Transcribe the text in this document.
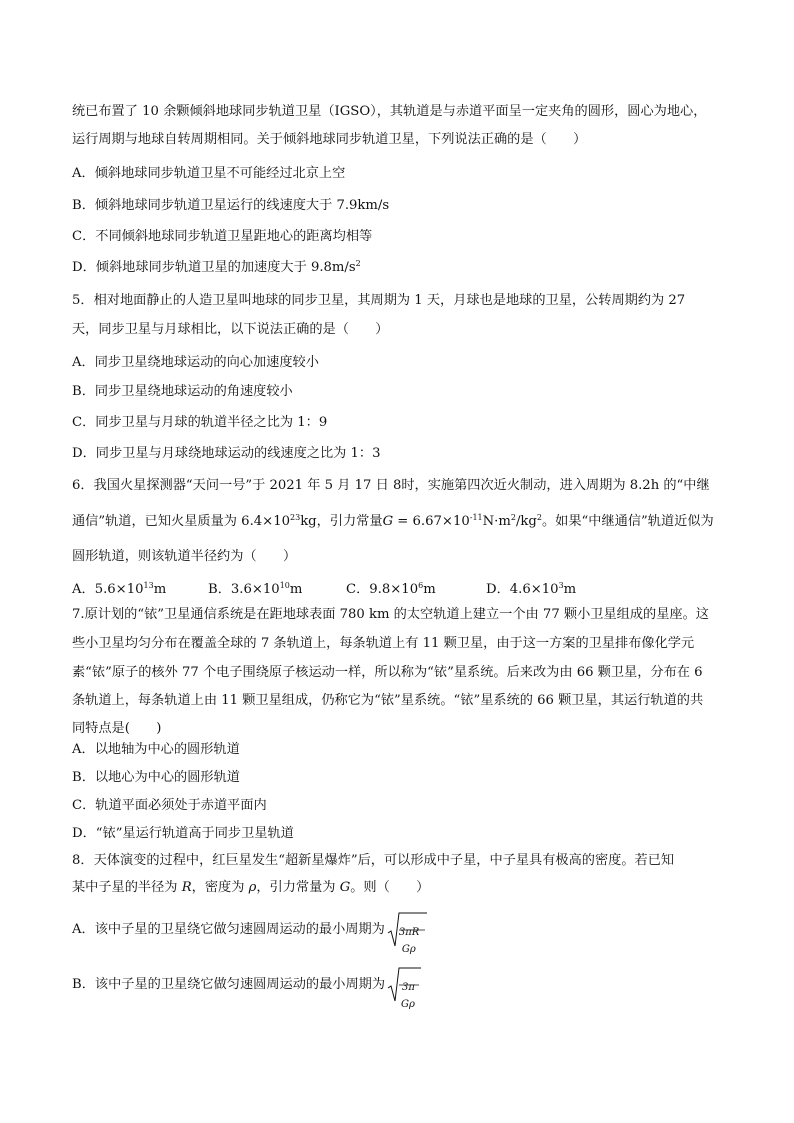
统已布置了 10 余颗倾斜地球同步轨道卫星（IGSO），其轨道是与赤道平面呈一定夹角的圆形，圆心为地心，
运行周期与地球自转周期相同。关于倾斜地球同步轨道卫星，下列说法正确的是（　　）
A．倾斜地球同步轨道卫星不可能经过北京上空
B．倾斜地球同步轨道卫星运行的线速度大于 7.9km/s
C．不同倾斜地球同步轨道卫星距地心的距离均相等
D．倾斜地球同步轨道卫星的加速度大于 $9.8m/s^2$
5．相对地面静止的人造卫星叫地球的同步卫星，其周期为 1 天，月球也是地球的卫星，公转周期约为 27
天，同步卫星与月球相比，以下说法正确的是（　　）
A．同步卫星绕地球运动的向心加速度较小
B．同步卫星绕地球运动的角速度较小
C．同步卫星与月球的轨道半径之比为 1：9
D．同步卫星与月球绕地球运动的线速度之比为 1：3
6．我国火星探测器“天问一号”于 2021 年 5 月 17 日 8时，实施第四次近火制动，进入周期为 8.2h 的“中继
通信”轨道，已知火星质量为 $6.4\times 10^{23}kg$，引力常量$G = 6.67\times 10^{-11}N\cdot m^2/kg^2$。如果“中继通信”轨道近似为
圆形轨道，则该轨道半径约为（　　）
A．$5.6\times 10^{13}m$	B．$3.6\times 10^{10}m$	C．$9.8\times 10^6m$	D．$4.6\times 10^3m$
7.原计划的“铱”卫星通信系统是在距地球表面 780 km 的太空轨道上建立一个由 77 颗小卫星组成的星座。这
些小卫星均匀分布在覆盖全球的 7 条轨道上，每条轨道上有 11 颗卫星，由于这一方案的卫星排布像化学元
素“铱”原子的核外 77 个电子围绕原子核运动一样，所以称为“铱”星系统。后来改为由 66 颗卫星，分布在 6
条轨道上，每条轨道上由 11 颗卫星组成，仍称它为“铱”星系统。“铱”星系统的 66 颗卫星，其运行轨道的共
同特点是(　　)
A．以地轴为中心的圆形轨道
B．以地心为中心的圆形轨道
C．轨道平面必须处于赤道平面内
D．“铱”星运行轨道高于同步卫星轨道
8．天体演变的过程中，红巨星发生“超新星爆炸”后，可以形成中子星，中子星具有极高的密度。若已知
某中子星的半径为 R，密度为 ρ，引力常量为 G。则（　　）
A．该中子星的卫星绕它做匀速圆周运动的最小周期为 3πR
Gρ
B．该中子星的卫星绕它做匀速圆周运动的最小周期为 3π
Gρ
